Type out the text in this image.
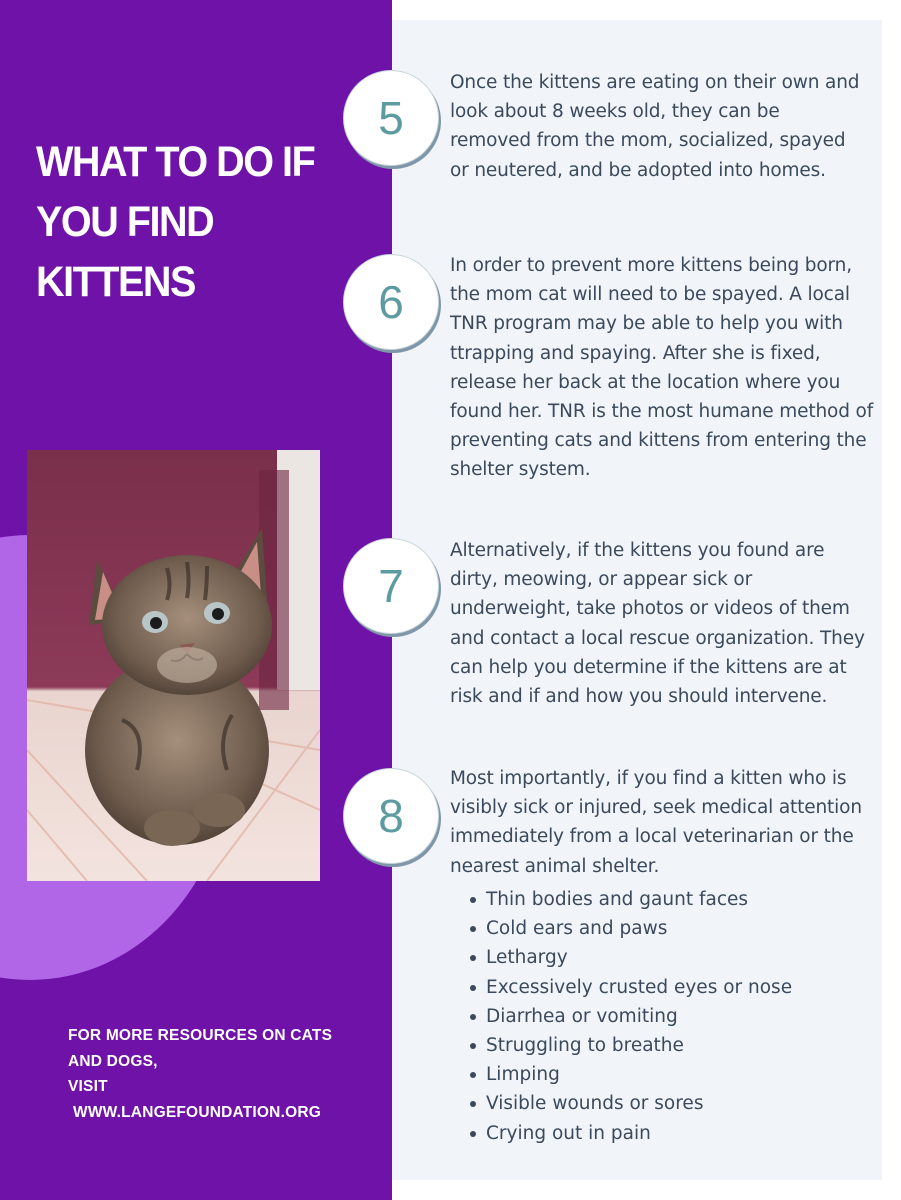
WHAT TO DO IF
YOU FIND
KITTENS
FOR MORE RESOURCES ON CATS
AND DOGS,
VISIT

WWW.LANGEFOUNDATION.ORG
5
Once the kittens are eating on their own and
look about 8 weeks old, they can be
removed from the mom, socialized, spayed
or neutered, and be adopted into homes.
6
In order to prevent more kittens being born,
the mom cat will need to be spayed. A local
TNR program may be able to help you with
ttrapping and spaying. After she is fixed,
release her back at the location where you
found her. TNR is the most humane method of
preventing cats and kittens from entering the
shelter system.
7
Alternatively, if the kittens you found are
dirty, meowing, or appear sick or
underweight, take photos or videos of them
and contact a local rescue organization. They
can help you determine if the kittens are at
risk and if and how you should intervene.
8
Most importantly, if you find a kitten who is
visibly sick or injured, seek medical attention
immediately from a local veterinarian or the
nearest animal shelter.
Thin bodies and gaunt faces
Cold ears and paws
Lethargy
Excessively crusted eyes or nose
Diarrhea or vomiting
Struggling to breathe
Limping
Visible wounds or sores
Crying out in pain
